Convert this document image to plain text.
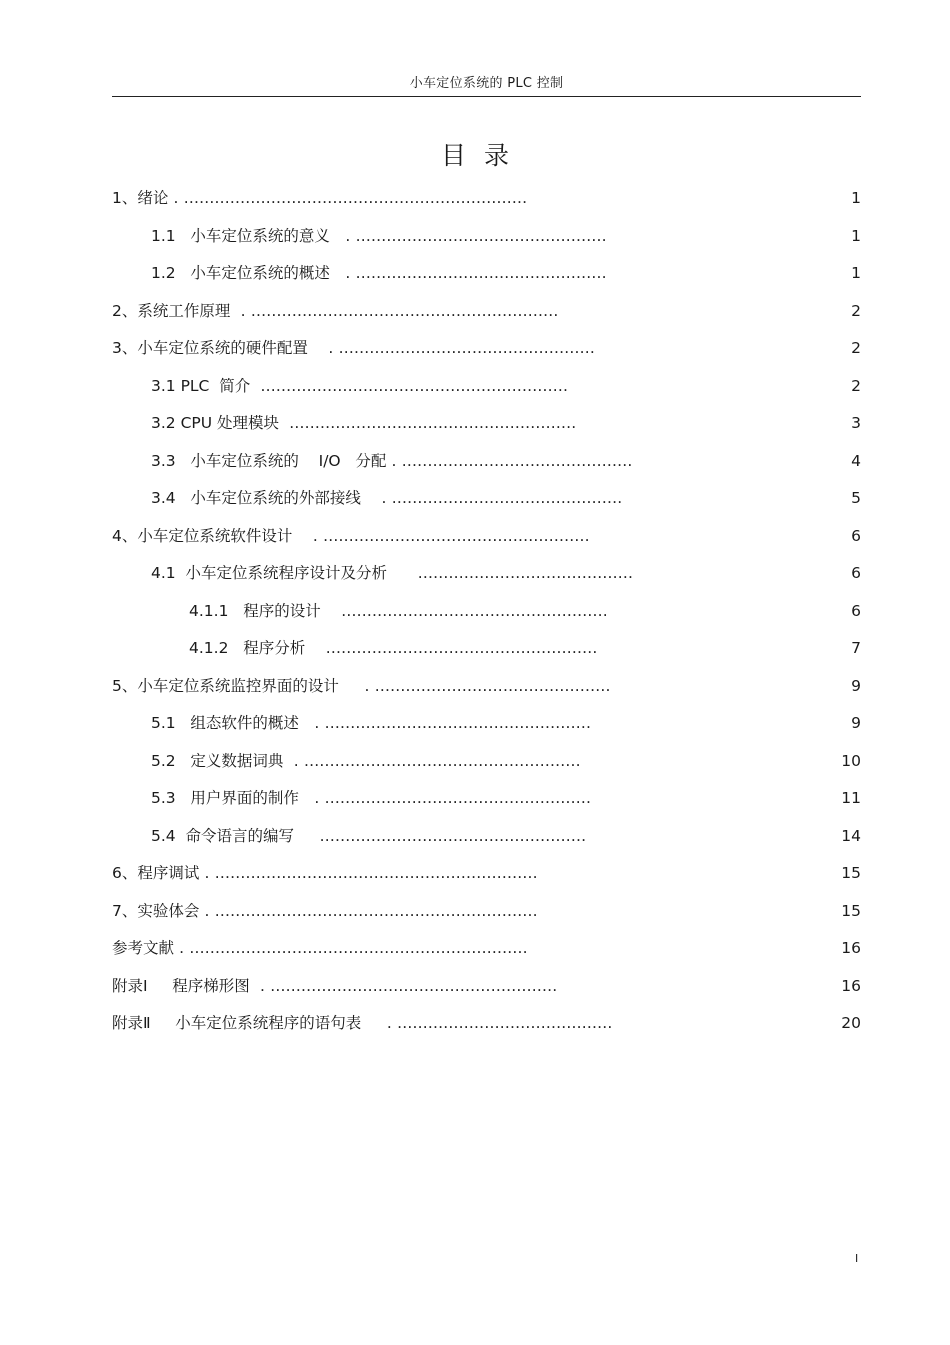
小车定位系统的 PLC 控制
目录
1、绪论 . ...................................................................	1
1.1   小车定位系统的意义   . .................................................	1
1.2   小车定位系统的概述   . .................................................	1
2、系统工作原理  . ............................................................	2
3、小车定位系统的硬件配置    . ..................................................	2
3.1 PLC  简介  ............................................................	2
3.2 CPU 处理模块  ........................................................	3
3.3   小车定位系统的    I/O   分配 . .............................................	4
3.4   小车定位系统的外部接线    . .............................................	5
4、小车定位系统软件设计    . ....................................................	6
4.1  小车定位系统程序设计及分析      ..........................................	6
4.1.1   程序的设计    ....................................................	6
4.1.2   程序分析    .....................................................	7
5、小车定位系统监控界面的设计     . ..............................................	9
5.1   组态软件的概述   . ....................................................	9
5.2   定义数据词典  . ......................................................	10
5.3   用户界面的制作   . ....................................................	11
5.4  命令语言的编写     ....................................................	14
6、程序调试 . ...............................................................	15
7、实验体会 . ...............................................................	15
参考文献 . ..................................................................	16
附录Ⅰ     程序梯形图  . ........................................................	16
附录Ⅱ     小车定位系统程序的语句表     . ..........................................	20
I
